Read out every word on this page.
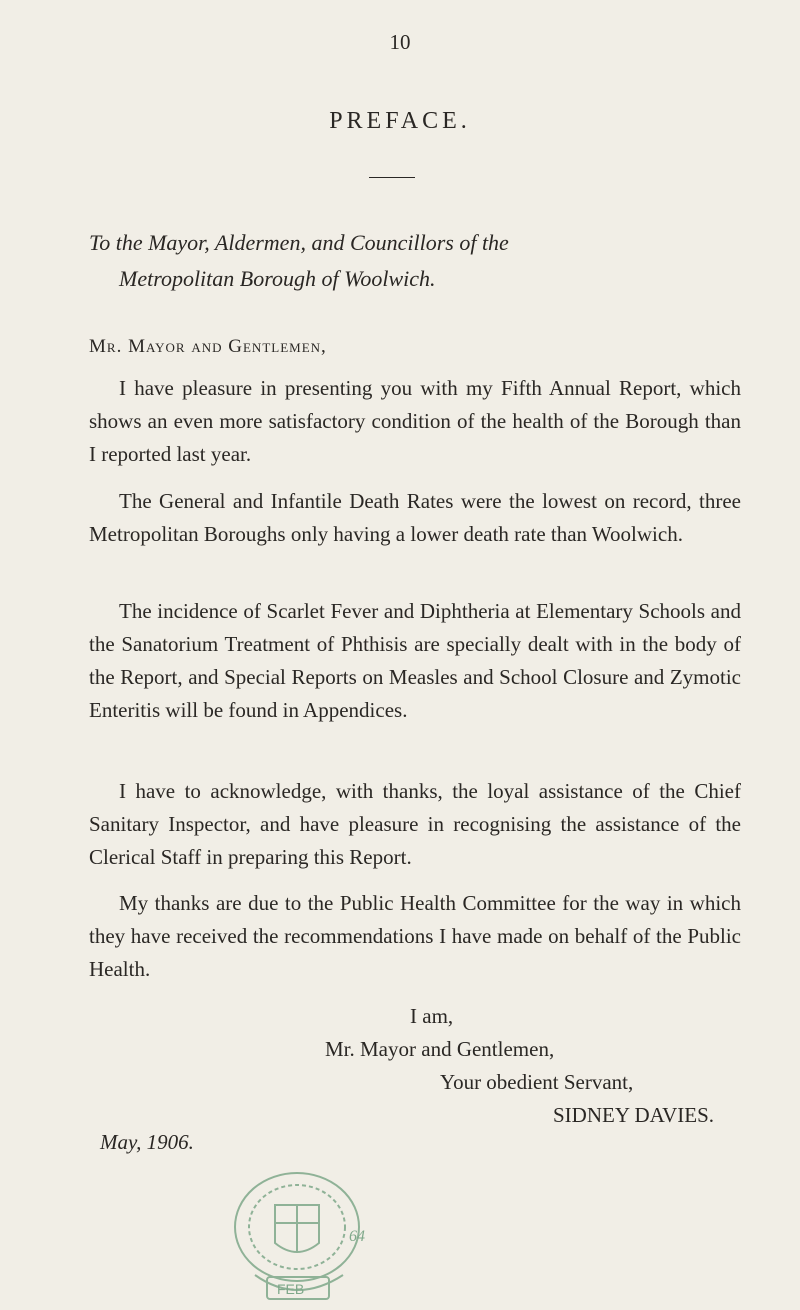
10
PREFACE.
To the Mayor, Aldermen, and Councillors of the
Metropolitan Borough of Woolwich.
Mr. Mayor and Gentlemen,

I have pleasure in presenting you with my Fifth Annual Report, which shows an even more satisfactory condition of the health of the Borough than I reported last year.

The General and Infantile Death Rates were the lowest on record, three Metropolitan Boroughs only having a lower death rate than Woolwich.

The incidence of Scarlet Fever and Diphtheria at Elementary Schools and the Sanatorium Treatment of Phthisis are specially dealt with in the body of the Report, and Special Reports on Measles and School Closure and Zymotic Enteritis will be found in Appendices.

I have to acknowledge, with thanks, the loyal assistance of the Chief Sanitary Inspector, and have pleasure in recognising the assistance of the Clerical Staff in preparing this Report.

My thanks are due to the Public Health Committee for the way in which they have received the recommendations I have made on behalf of the Public Health.

I am,
Mr. Mayor and Gentlemen,
Your obedient Servant,
SIDNEY DAVIES.
May, 1906.
64
FEB
